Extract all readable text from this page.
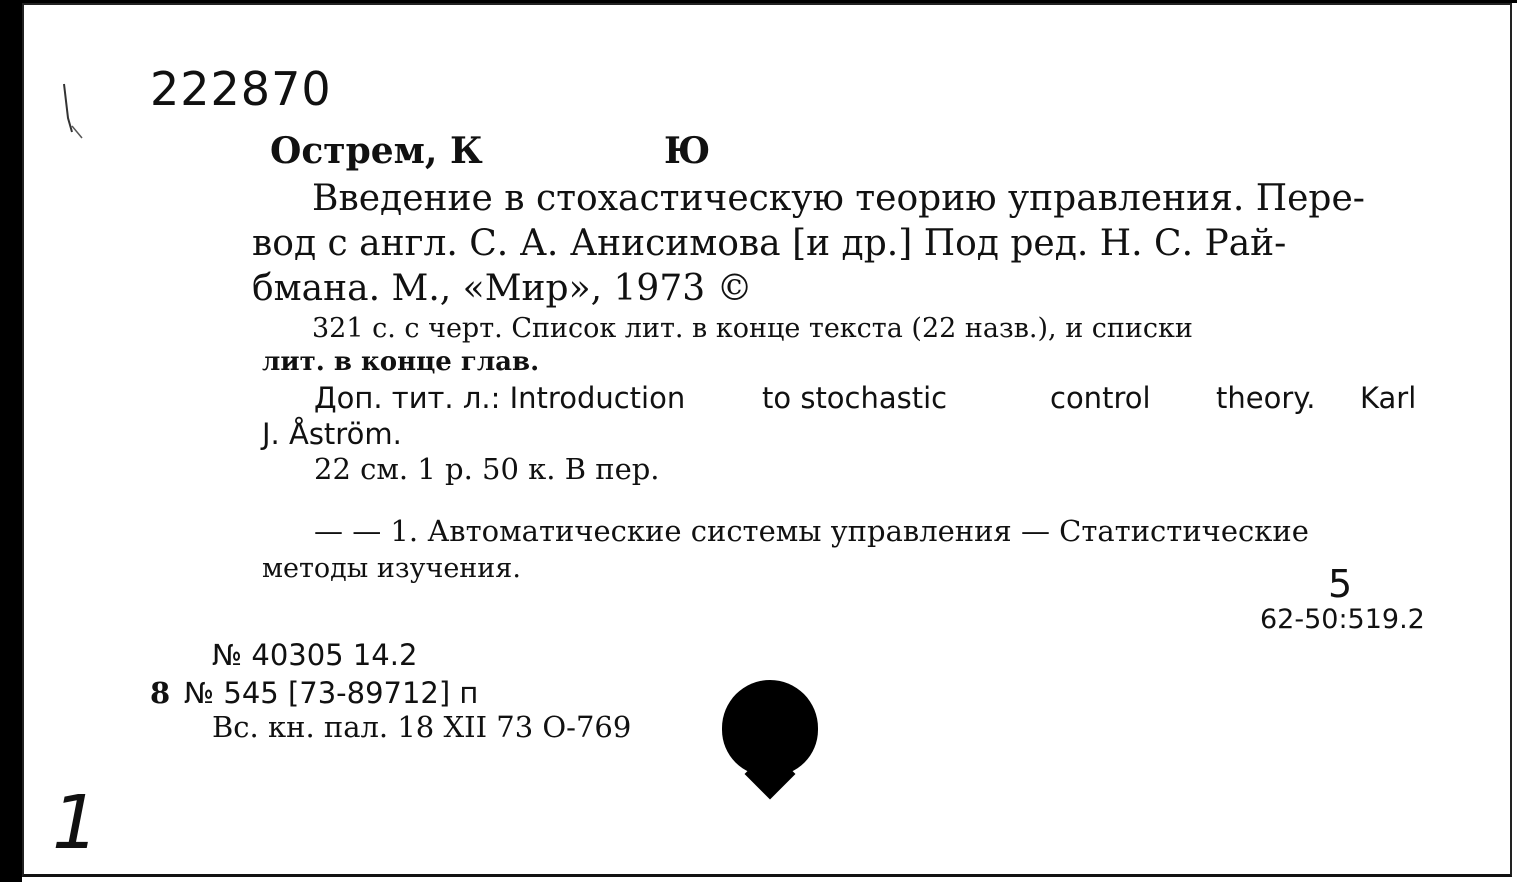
222870
Острем, К	Ю
Введение в стохастическую теорию управления. Пере-
вод с англ. С. А. Анисимова [и др.] Под ред. Н. С. Рай-
бмана. М., «Мир», 1973 ©
321 с. с черт. Список лит. в конце текста (22 назв.), и списки
лит. в конце глав.
Доп. тит. л.: Introduction	to stochastic	control theory. Karl
J. Åström.
22 см. 1 р. 50 к. В пер.
— — 1. Автоматические системы управления — Статистические
методы изучения.	5
62-50:519.2
№ 40305 14.2
8 № 545 [73-89712] п
Вс. кн. пал. 18 XII 73 О-769
1
